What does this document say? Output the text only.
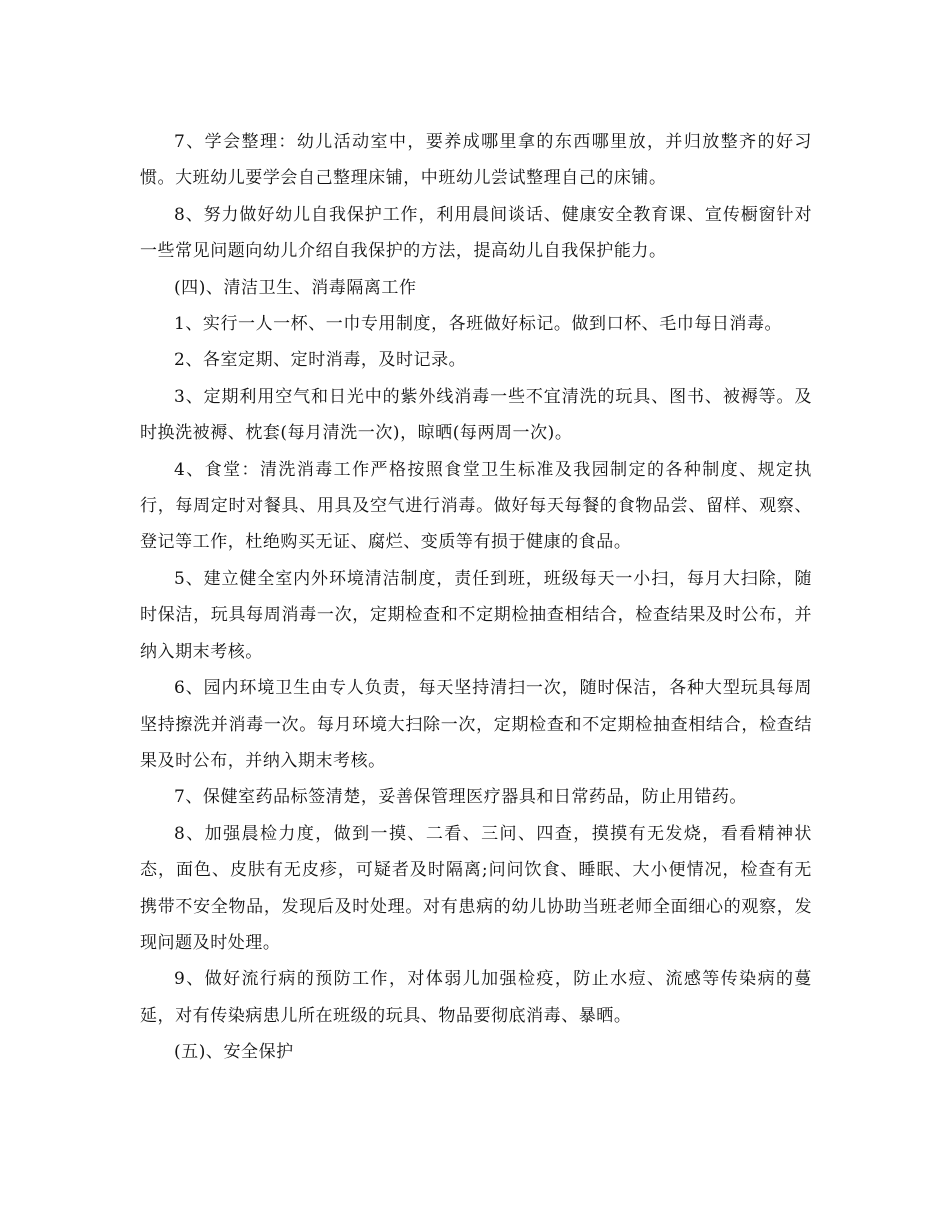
7、学会整理：幼儿活动室中，要养成哪里拿的东西哪里放，并归放整齐的好习惯。大班幼儿要学会自己整理床铺，中班幼儿尝试整理自己的床铺。

8、努力做好幼儿自我保护工作，利用晨间谈话、健康安全教育课、宣传橱窗针对一些常见问题向幼儿介绍自我保护的方法，提高幼儿自我保护能力。

(四)、清洁卫生、消毒隔离工作

1、实行一人一杯、一巾专用制度，各班做好标记。做到口杯、毛巾每日消毒。

2、各室定期、定时消毒，及时记录。

3、定期利用空气和日光中的紫外线消毒一些不宜清洗的玩具、图书、被褥等。及时换洗被褥、枕套(每月清洗一次)，晾晒(每两周一次)。

4、食堂：清洗消毒工作严格按照食堂卫生标准及我园制定的各种制度、规定执行，每周定时对餐具、用具及空气进行消毒。做好每天每餐的食物品尝、留样、观察、登记等工作，杜绝购买无证、腐烂、变质等有损于健康的食品。

5、建立健全室内外环境清洁制度，责任到班，班级每天一小扫，每月大扫除，随时保洁，玩具每周消毒一次，定期检查和不定期检抽查相结合，检查结果及时公布，并纳入期末考核。

6、园内环境卫生由专人负责，每天坚持清扫一次，随时保洁，各种大型玩具每周坚持擦洗并消毒一次。每月环境大扫除一次，定期检查和不定期检抽查相结合，检查结果及时公布，并纳入期末考核。

7、保健室药品标签清楚，妥善保管理医疗器具和日常药品，防止用错药。

8、加强晨检力度，做到一摸、二看、三问、四查，摸摸有无发烧，看看精神状态，面色、皮肤有无皮疹，可疑者及时隔离;问问饮食、睡眠、大小便情况，检查有无携带不安全物品，发现后及时处理。对有患病的幼儿协助当班老师全面细心的观察，发现问题及时处理。

9、做好流行病的预防工作，对体弱儿加强检疫，防止水痘、流感等传染病的蔓延，对有传染病患儿所在班级的玩具、物品要彻底消毒、暴晒。

(五)、安全保护
